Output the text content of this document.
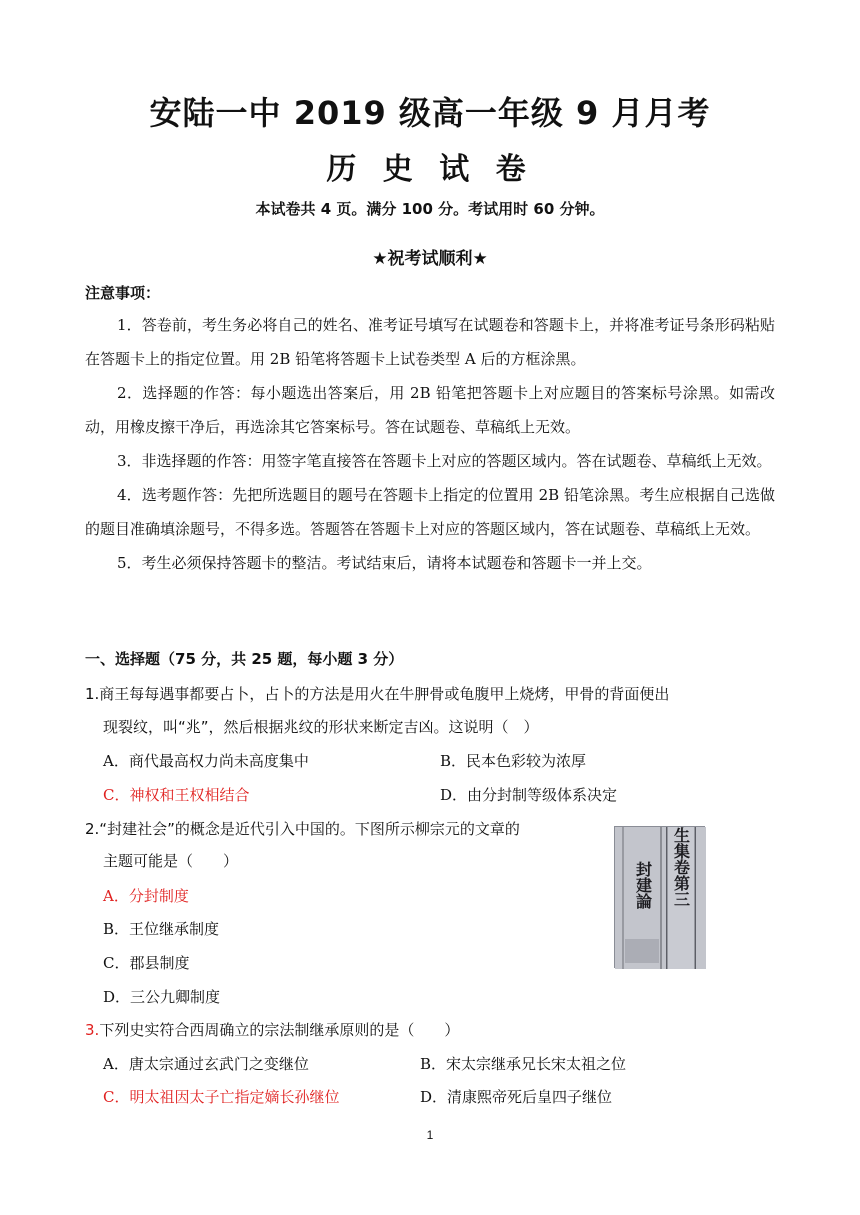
安陆一中 2019 级高一年级 9 月月考
历 史 试 卷
本试卷共 4 页。满分 100 分。考试用时 60 分钟。
★祝考试顺利★
注意事项：

1．答卷前，考生务必将自己的姓名、准考证号填写在试题卷和答题卡上，并将准考证号条形码粘贴在答题卡上的指定位置。用 2B 铅笔将答题卡上试卷类型 A 后的方框涂黑。

2．选择题的作答：每小题选出答案后，用 2B 铅笔把答题卡上对应题目的答案标号涂黑。如需改动，用橡皮擦干净后，再选涂其它答案标号。答在试题卷、草稿纸上无效。

3．非选择题的作答：用签字笔直接答在答题卡上对应的答题区域内。答在试题卷、草稿纸上无效。

4．选考题作答：先把所选题目的题号在答题卡上指定的位置用 2B 铅笔涂黑。考生应根据自己选做的题目准确填涂题号，不得多选。答题答在答题卡上对应的答题区域内，答在试题卷、草稿纸上无效。

5．考生必须保持答题卡的整洁。考试结束后，请将本试题卷和答题卡一并上交。

一、选择题（75 分，共 25 题，每小题 3 分）
1.商王每每遇事都要占卜，占卜的方法是用火在牛胛骨或龟腹甲上烧烤，甲骨的背面便出
现裂纹，叫“兆”，然后根据兆纹的形状来断定吉凶。这说明（　）
A．商代最高权力尚未高度集中	B．民本色彩较为浓厚
C．神权和王权相结合	D．由分封制等级体系决定
2.“封建社会”的概念是近代引入中国的。下图所示柳宗元的文章的
主题可能是（　　）
A．分封制度
B．王位继承制度
C．郡县制度
D．三公九卿制度
河東先生集卷第三
封建論
3.下列史实符合西周确立的宗法制继承原则的是（　　）
A．唐太宗通过玄武门之变继位	B．宋太宗继承兄长宋太祖之位
C．明太祖因太子亡指定嫡长孙继位	D．清康熙帝死后皇四子继位
1
